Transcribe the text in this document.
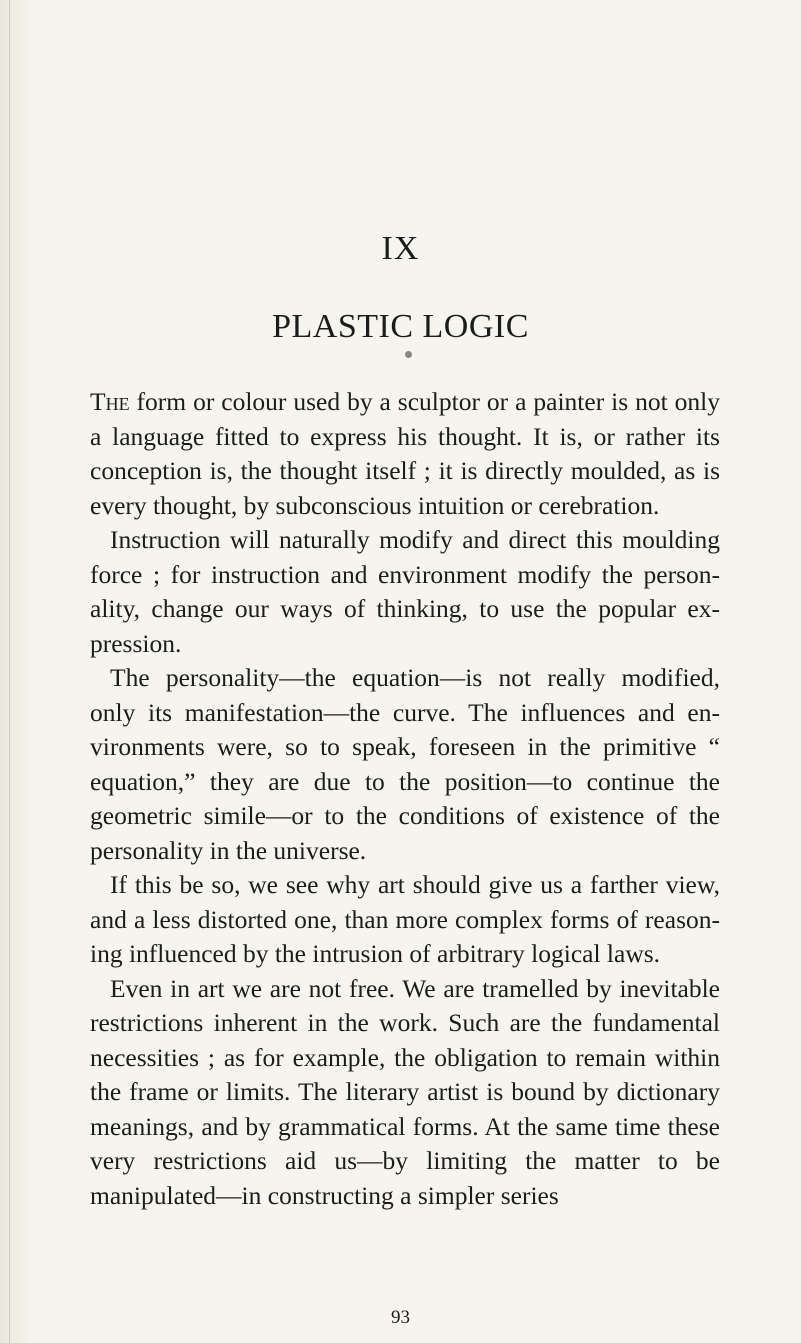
IX
PLASTIC LOGIC

The form or colour used by a sculptor or a painter is not only a language fitted to express his thought. It is, or rather its conception is, the thought itself ; it is directly moulded, as is every thought, by subconscious intuition or cerebration.

Instruction will naturally modify and direct this moulding force ; for instruction and environment modify the personality, change our ways of thinking, to use the popular expression.

The personality—the equation—is not really modified, only its manifestation—the curve. The influences and environments were, so to speak, foreseen in the primitive “ equation,” they are due to the position—to continue the geometric simile—or to the conditions of existence of the personality in the universe.

If this be so, we see why art should give us a farther view, and a less distorted one, than more complex forms of reasoning influenced by the intrusion of arbitrary logical laws.

Even in art we are not free. We are tramelled by inevitable restrictions inherent in the work. Such are the fundamental necessities ; as for example, the obligation to remain within the frame or limits. The literary artist is bound by dictionary meanings, and by grammatical forms. At the same time these very restrictions aid us—by limiting the matter to be manipulated—in constructing a simpler series

93
